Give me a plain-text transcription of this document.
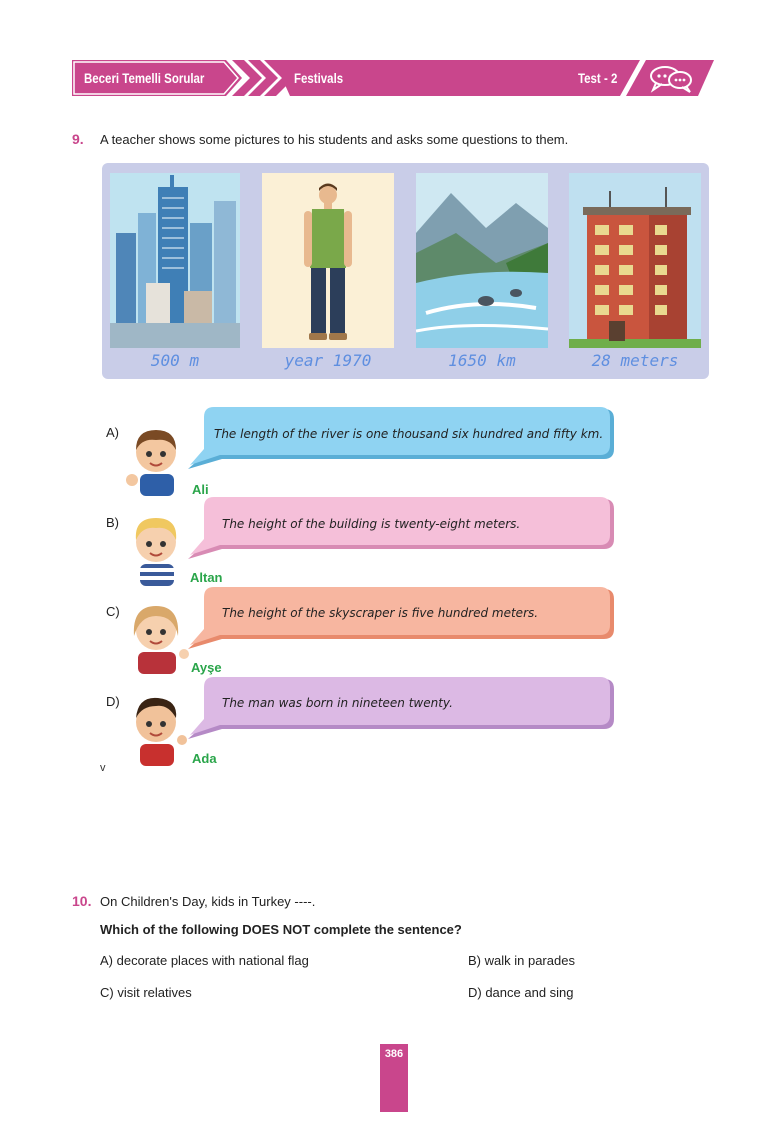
Beceri Temelli Sorular	Festivals	Test - 2
9. A teacher shows some pictures to his students and asks some questions to them.
500 m	year 1970	1650 km	28 meters
A)
Ali
The length of the river is one thousand six hundred and fifty km.
B)
Altan
The height of the building is twenty-eight meters.
C)
Ayşe
The height of the skyscraper is five hundred meters.
D)
Ada
The man was born in nineteen twenty.
v
10. On Children's Day, kids in Turkey ----.
Which of the following DOES NOT complete the sentence?
A) decorate places with national flag	B) walk in parades
C) visit relatives	D) dance and sing
386
